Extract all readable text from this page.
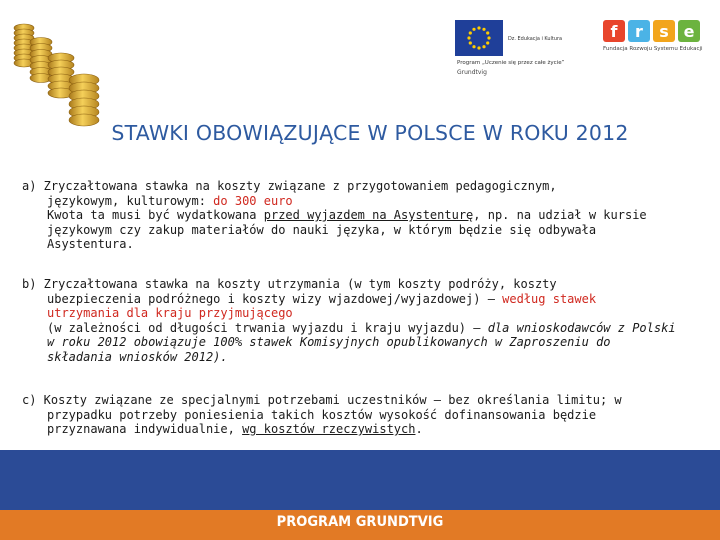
Dz. Edukacja i Kultura
Program „Uczenie się przez całe życie”
Grundtvig
f	r	s e
Fundacja Rozwoju Systemu Edukacji
STAWKI OBOWIĄZUJĄCE W POLSCE W ROKU 2012
a) Zryczałtowana stawka na koszty związane z przygotowaniem pedagogicznym,
językowym, kulturowym: do 300 euro
Kwota ta musi być wydatkowana przed wyjazdem na Asystenturę, np. na udział w kursie
językowym czy zakup materiałów do nauki języka, w którym będzie się odbywała
Asystentura.
b) Zryczałtowana stawka na koszty utrzymania (w tym koszty podróży, koszty
ubezpieczenia podróżnego i koszty wizy wjazdowej/wyjazdowej) – według stawek
utrzymania dla kraju przyjmującego
(w zależności od długości trwania wyjazdu i kraju wyjazdu) – dla wnioskodawców z Polski
w roku 2012 obowiązuje 100% stawek Komisyjnych opublikowanych w Zaproszeniu do
składania wniosków 2012).
c) Koszty związane ze specjalnymi potrzebami uczestników – bez określania limitu; w
przypadku potrzeby poniesienia takich kosztów wysokość dofinansowania będzie
przyznawana indywidualnie, wg kosztów rzeczywistych.
PROGRAM GRUNDTVIG
